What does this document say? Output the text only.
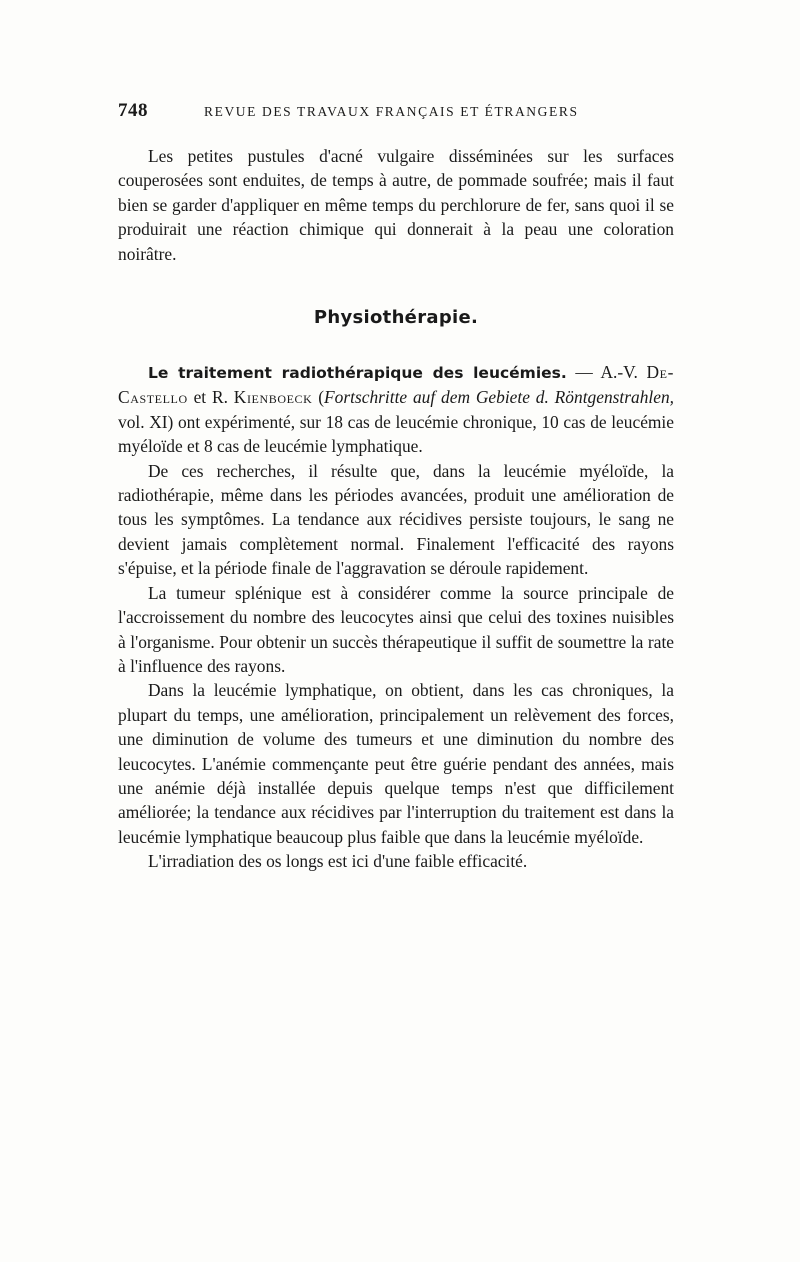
748	REVUE DES TRAVAUX FRANÇAIS ET ÉTRANGERS

Les petites pustules d'acné vulgaire disséminées sur les surfaces couperosées sont enduites, de temps à autre, de pommade soufrée; mais il faut bien se garder d'appliquer en même temps du perchlorure de fer, sans quoi il se produirait une réaction chimique qui donnerait à la peau une coloration noirâtre.

Physiothérapie.

Le traitement radiothérapique des leucémies. — A.-V. De-Castello et R. Kienboeck (Fortschritte auf dem Gebiete d. Röntgenstrahlen, vol. XI) ont expérimenté, sur 18 cas de leucémie chronique, 10 cas de leucémie myéloïde et 8 cas de leucémie lymphatique.

De ces recherches, il résulte que, dans la leucémie myéloïde, la radiothérapie, même dans les périodes avancées, produit une amélioration de tous les symptômes. La tendance aux récidives persiste toujours, le sang ne devient jamais complètement normal. Finalement l'efficacité des rayons s'épuise, et la période finale de l'aggravation se déroule rapidement.

La tumeur splénique est à considérer comme la source principale de l'accroissement du nombre des leucocytes ainsi que celui des toxines nuisibles à l'organisme. Pour obtenir un succès thérapeutique il suffit de soumettre la rate à l'influence des rayons.

Dans la leucémie lymphatique, on obtient, dans les cas chroniques, la plupart du temps, une amélioration, principalement un relèvement des forces, une diminution de volume des tumeurs et une diminution du nombre des leucocytes. L'anémie commençante peut être guérie pendant des années, mais une anémie déjà installée depuis quelque temps n'est que difficilement améliorée; la tendance aux récidives par l'interruption du traitement est dans la leucémie lymphatique beaucoup plus faible que dans la leucémie myéloïde.

L'irradiation des os longs est ici d'une faible efficacité.
